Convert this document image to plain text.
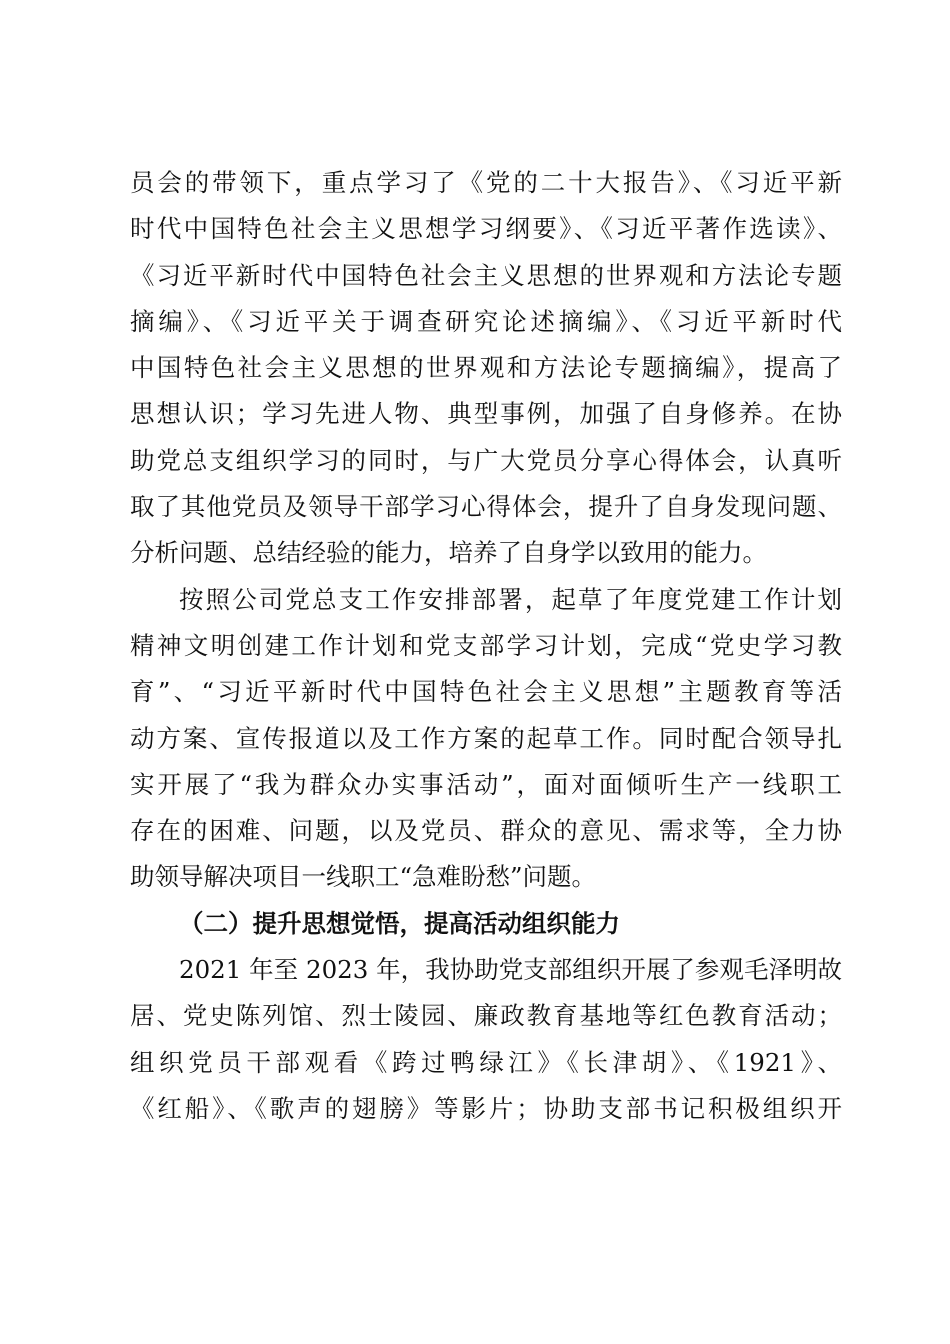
员会的带领下，重点学习了《党的二十大报告》、《习近平新
时代中国特色社会主义思想学习纲要》、《习近平著作选读》、
《习近平新时代中国特色社会主义思想的世界观和方法论专题
摘编》、《习近平关于调查研究论述摘编》、《习近平新时代
中国特色社会主义思想的世界观和方法论专题摘编》，提高了
思想认识；学习先进人物、典型事例，加强了自身修养。在协
助党总支组织学习的同时，与广大党员分享心得体会，认真听
取了其他党员及领导干部学习心得体会，提升了自身发现问题、
分析问题、总结经验的能力，培养了自身学以致用的能力。
按照公司党总支工作安排部署，起草了年度党建工作计划
精神文明创建工作计划和党支部学习计划，完成“党史学习教
育”、“习近平新时代中国特色社会主义思想”主题教育等活
动方案、宣传报道以及工作方案的起草工作。同时配合领导扎
实开展了“我为群众办实事活动”，面对面倾听生产一线职工
存在的困难、问题，以及党员、群众的意见、需求等，全力协
助领导解决项目一线职工“急难盼愁”问题。
（二）提升思想觉悟，提高活动组织能力
2021 年至 2023 年，我协助党支部组织开展了参观毛泽明故
居、党史陈列馆、烈士陵园、廉政教育基地等红色教育活动；
组织党员干部观看《跨过鸭绿江》《长津胡》、《1921》、
《红船》、《歌声的翅膀》等影片；协助支部书记积极组织开
